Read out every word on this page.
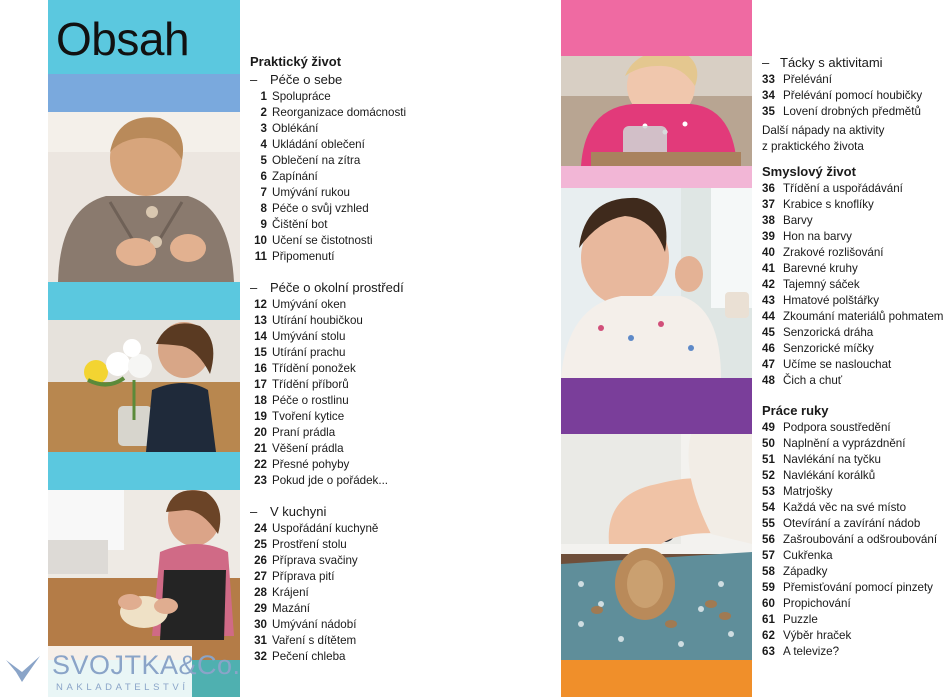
Obsah	Praktický život
– Péče o sebe
1 Spolupráce
2 Reorganizace domácnosti
3 Oblékání
4 Ukládání oblečení
5 Oblečení na zítra
6 Zapínání
7 Umývání rukou
8 Péče o svůj vzhled
9 Čištění bot
10 Učení se čistotnosti
11 Připomenutí
– Péče o okolní prostředí
12 Umývání oken
13 Utírání houbičkou
14 Umývání stolu
15 Utírání prachu
16 Třídění ponožek
17 Třídění příborů
18 Péče o rostlinu
19 Tvoření kytice
20 Praní prádla
21 Věšení prádla
22 Přesné pohyby
23 Pokud jde o pořádek...
– V kuchyni
24 Uspořádání kuchyně
25 Prostření stolu
26 Příprava svačiny
27 Příprava pití
28 Krájení
29 Mazání
30 Umývání nádobí
31 Vaření s dítětem
32 Pečení chleba
– Tácky s aktivitami
33 Přelévání
34 Přelévání pomocí houbičky
35 Lovení drobných předmětů
Další nápady na aktivity
z praktického života
Smyslový život
36 Třídění a uspořádávání
37 Krabice s knoflíky
38 Barvy
39 Hon na barvy
40 Zrakové rozlišování
41 Barevné kruhy
42 Tajemný sáček
43 Hmatové polštářky
44 Zkoumání materiálů pohmatem
45 Senzorická dráha
46 Senzorické míčky
47 Učíme se naslouchat
48 Čich a chuť
Práce ruky
49 Podpora soustředění
50 Naplnění a vyprázdnění
51 Navlékání na tyčku
52 Navlékání korálků
53 Matrjošky
54 Každá věc na své místo
55 Otevírání a zavírání nádob
56 Zašroubování a odšroubování
57 Cukřenka
58 Západky
59 Přemisťování pomocí pinzety
60 Propichování
61 Puzzle
62 Výběr hraček
63 A televize?
SVOJTKA&Co.
NAKLADATELSTVÍ
